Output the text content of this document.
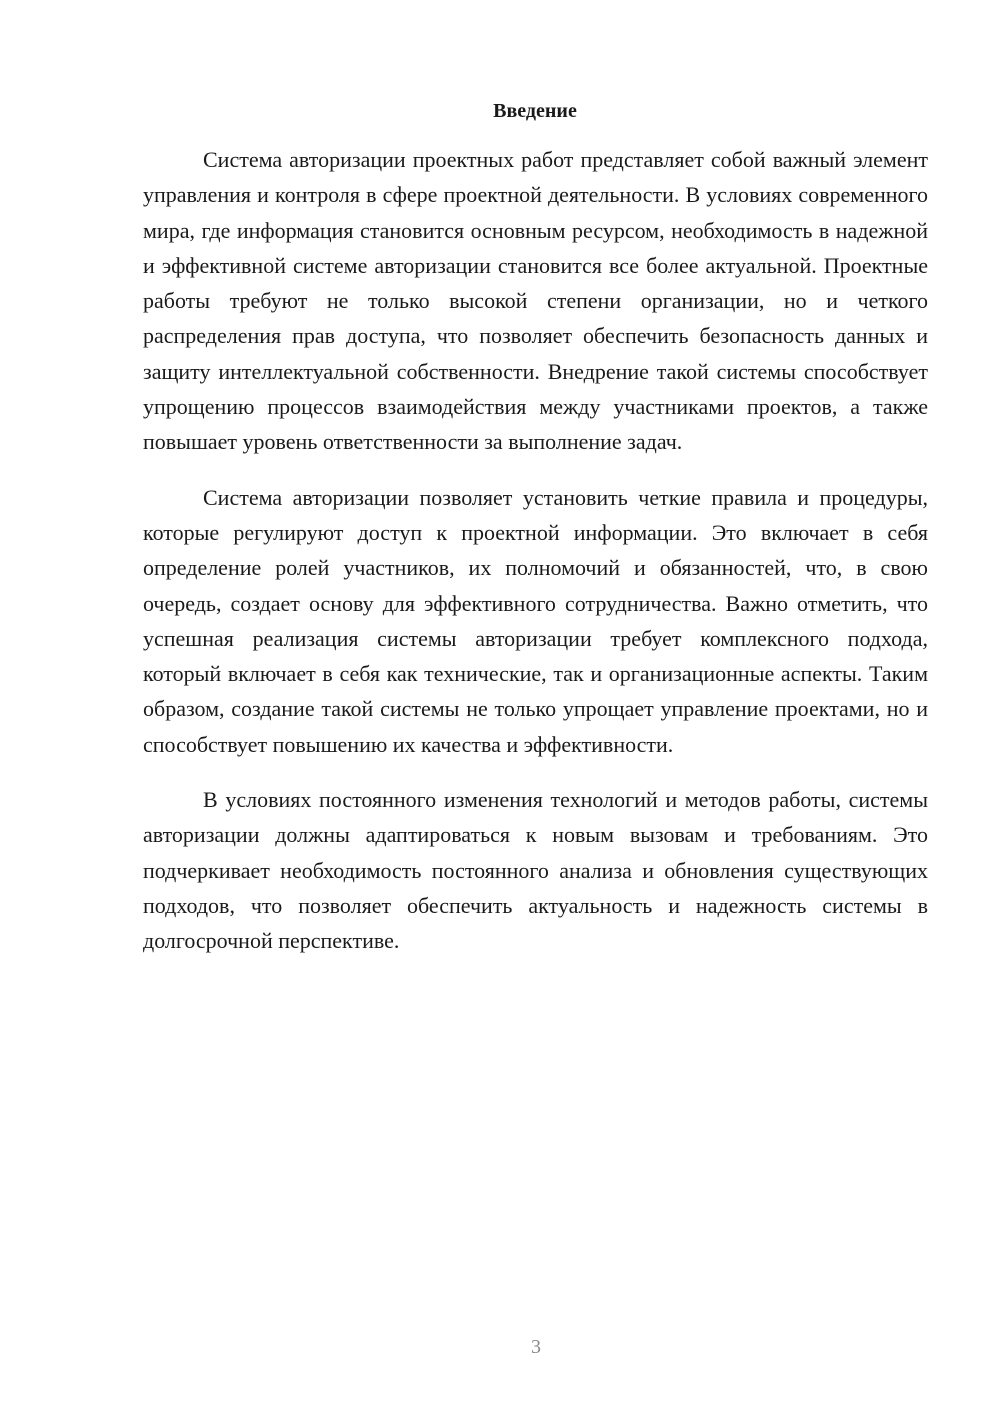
Введение

Система авторизации проектных работ представляет собой важный элемент управления и контроля в сфере проектной деятельности. В условиях современного мира, где информация становится основным ресурсом, необходимость в надежной и эффективной системе авторизации становится все более актуальной. Проектные работы требуют не только высокой степени организации, но и четкого распределения прав доступа, что позволяет обеспечить безопасность данных и защиту интеллектуальной собственности. Внедрение такой системы способствует упрощению процессов взаимодействия между участниками проектов, а также повышает уровень ответственности за выполнение задач.

Система авторизации позволяет установить четкие правила и процедуры, которые регулируют доступ к проектной информации. Это включает в себя определение ролей участников, их полномочий и обязанностей, что, в свою очередь, создает основу для эффективного сотрудничества. Важно отметить, что успешная реализация системы авторизации требует комплексного подхода, который включает в себя как технические, так и организационные аспекты. Таким образом, создание такой системы не только упрощает управление проектами, но и способствует повышению их качества и эффективности.

В условиях постоянного изменения технологий и методов работы, системы авторизации должны адаптироваться к новым вызовам и требованиям. Это подчеркивает необходимость постоянного анализа и обновления существующих подходов, что позволяет обеспечить актуальность и надежность системы в долгосрочной перспективе.

3
